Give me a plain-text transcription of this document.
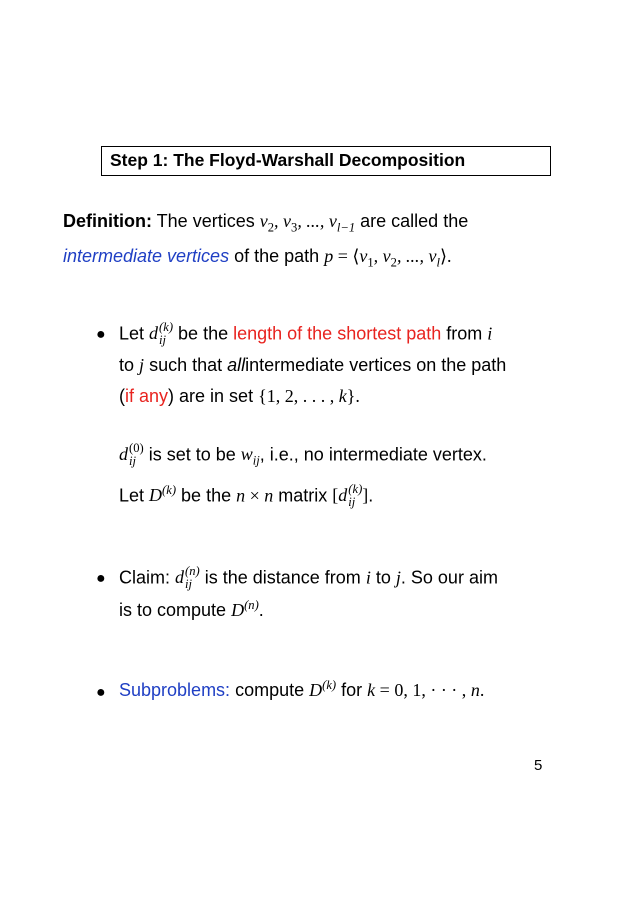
Step 1: The Floyd-Warshall Decomposition
Definition: The vertices $v_2$, $v_3$, ..., $v_{l-1}$ are called the
intermediate vertices of the path $p = ⟨v_1$, $v_2$, ..., $v_l⟩$.
● Let d (k)
ij be the length of the shortest path from i
to j such that allintermediate vertices on the path
(if any) are in set {1, 2, . . . , k}.
d (0)
ij is set to be $w_{ij}$, i.e., no intermediate vertex.
Let $D^{(k)}$ be the n × n matrix [d (k)
ij ].
● Claim: d (n)
ij is the distance from i to j. So our aim
is to compute $D^{(n)}$.
● Subproblems: compute $D^{(k)}$ for k = 0, 1, · · · , n.
5
